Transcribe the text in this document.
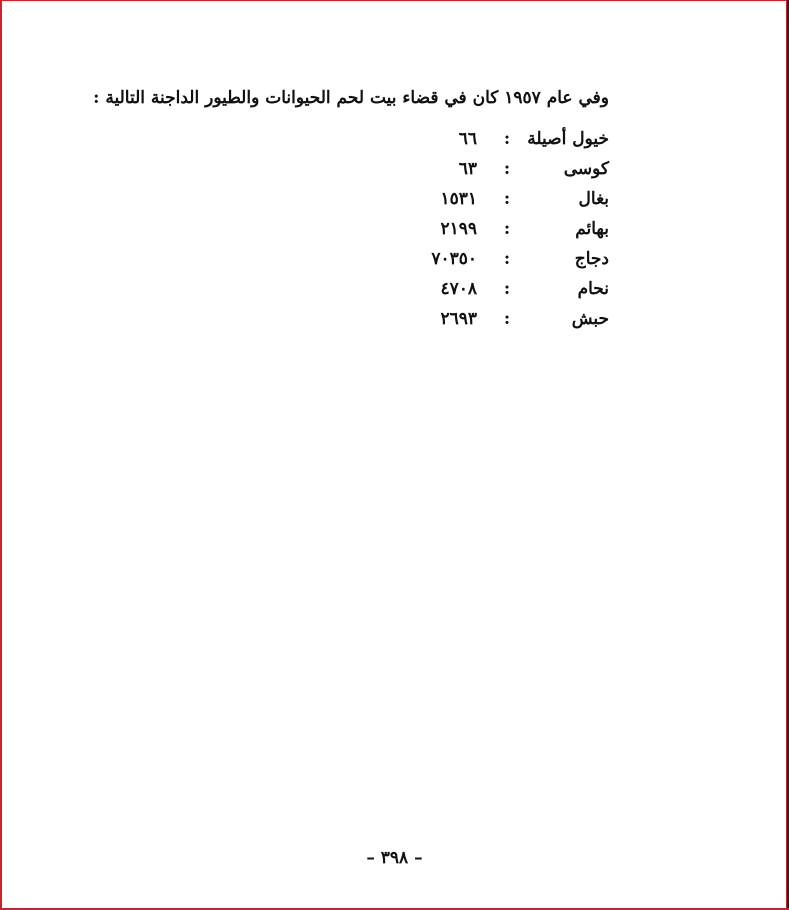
وفي عام ١٩٥٧ كان في قضاء بيت لحم الحيوانات والطيور الداجنة التالية :
خيول أصيلة
:
٦٦
كوسى
:
٦٣
بغال
:
١٥٣١
بهائم
:
٢١٩٩
دجاج
:
٧٠٣٥٠
نحام
:
٤٧٠٨
حبش
:
٢٦٩٣
– ٣٩٨ –
